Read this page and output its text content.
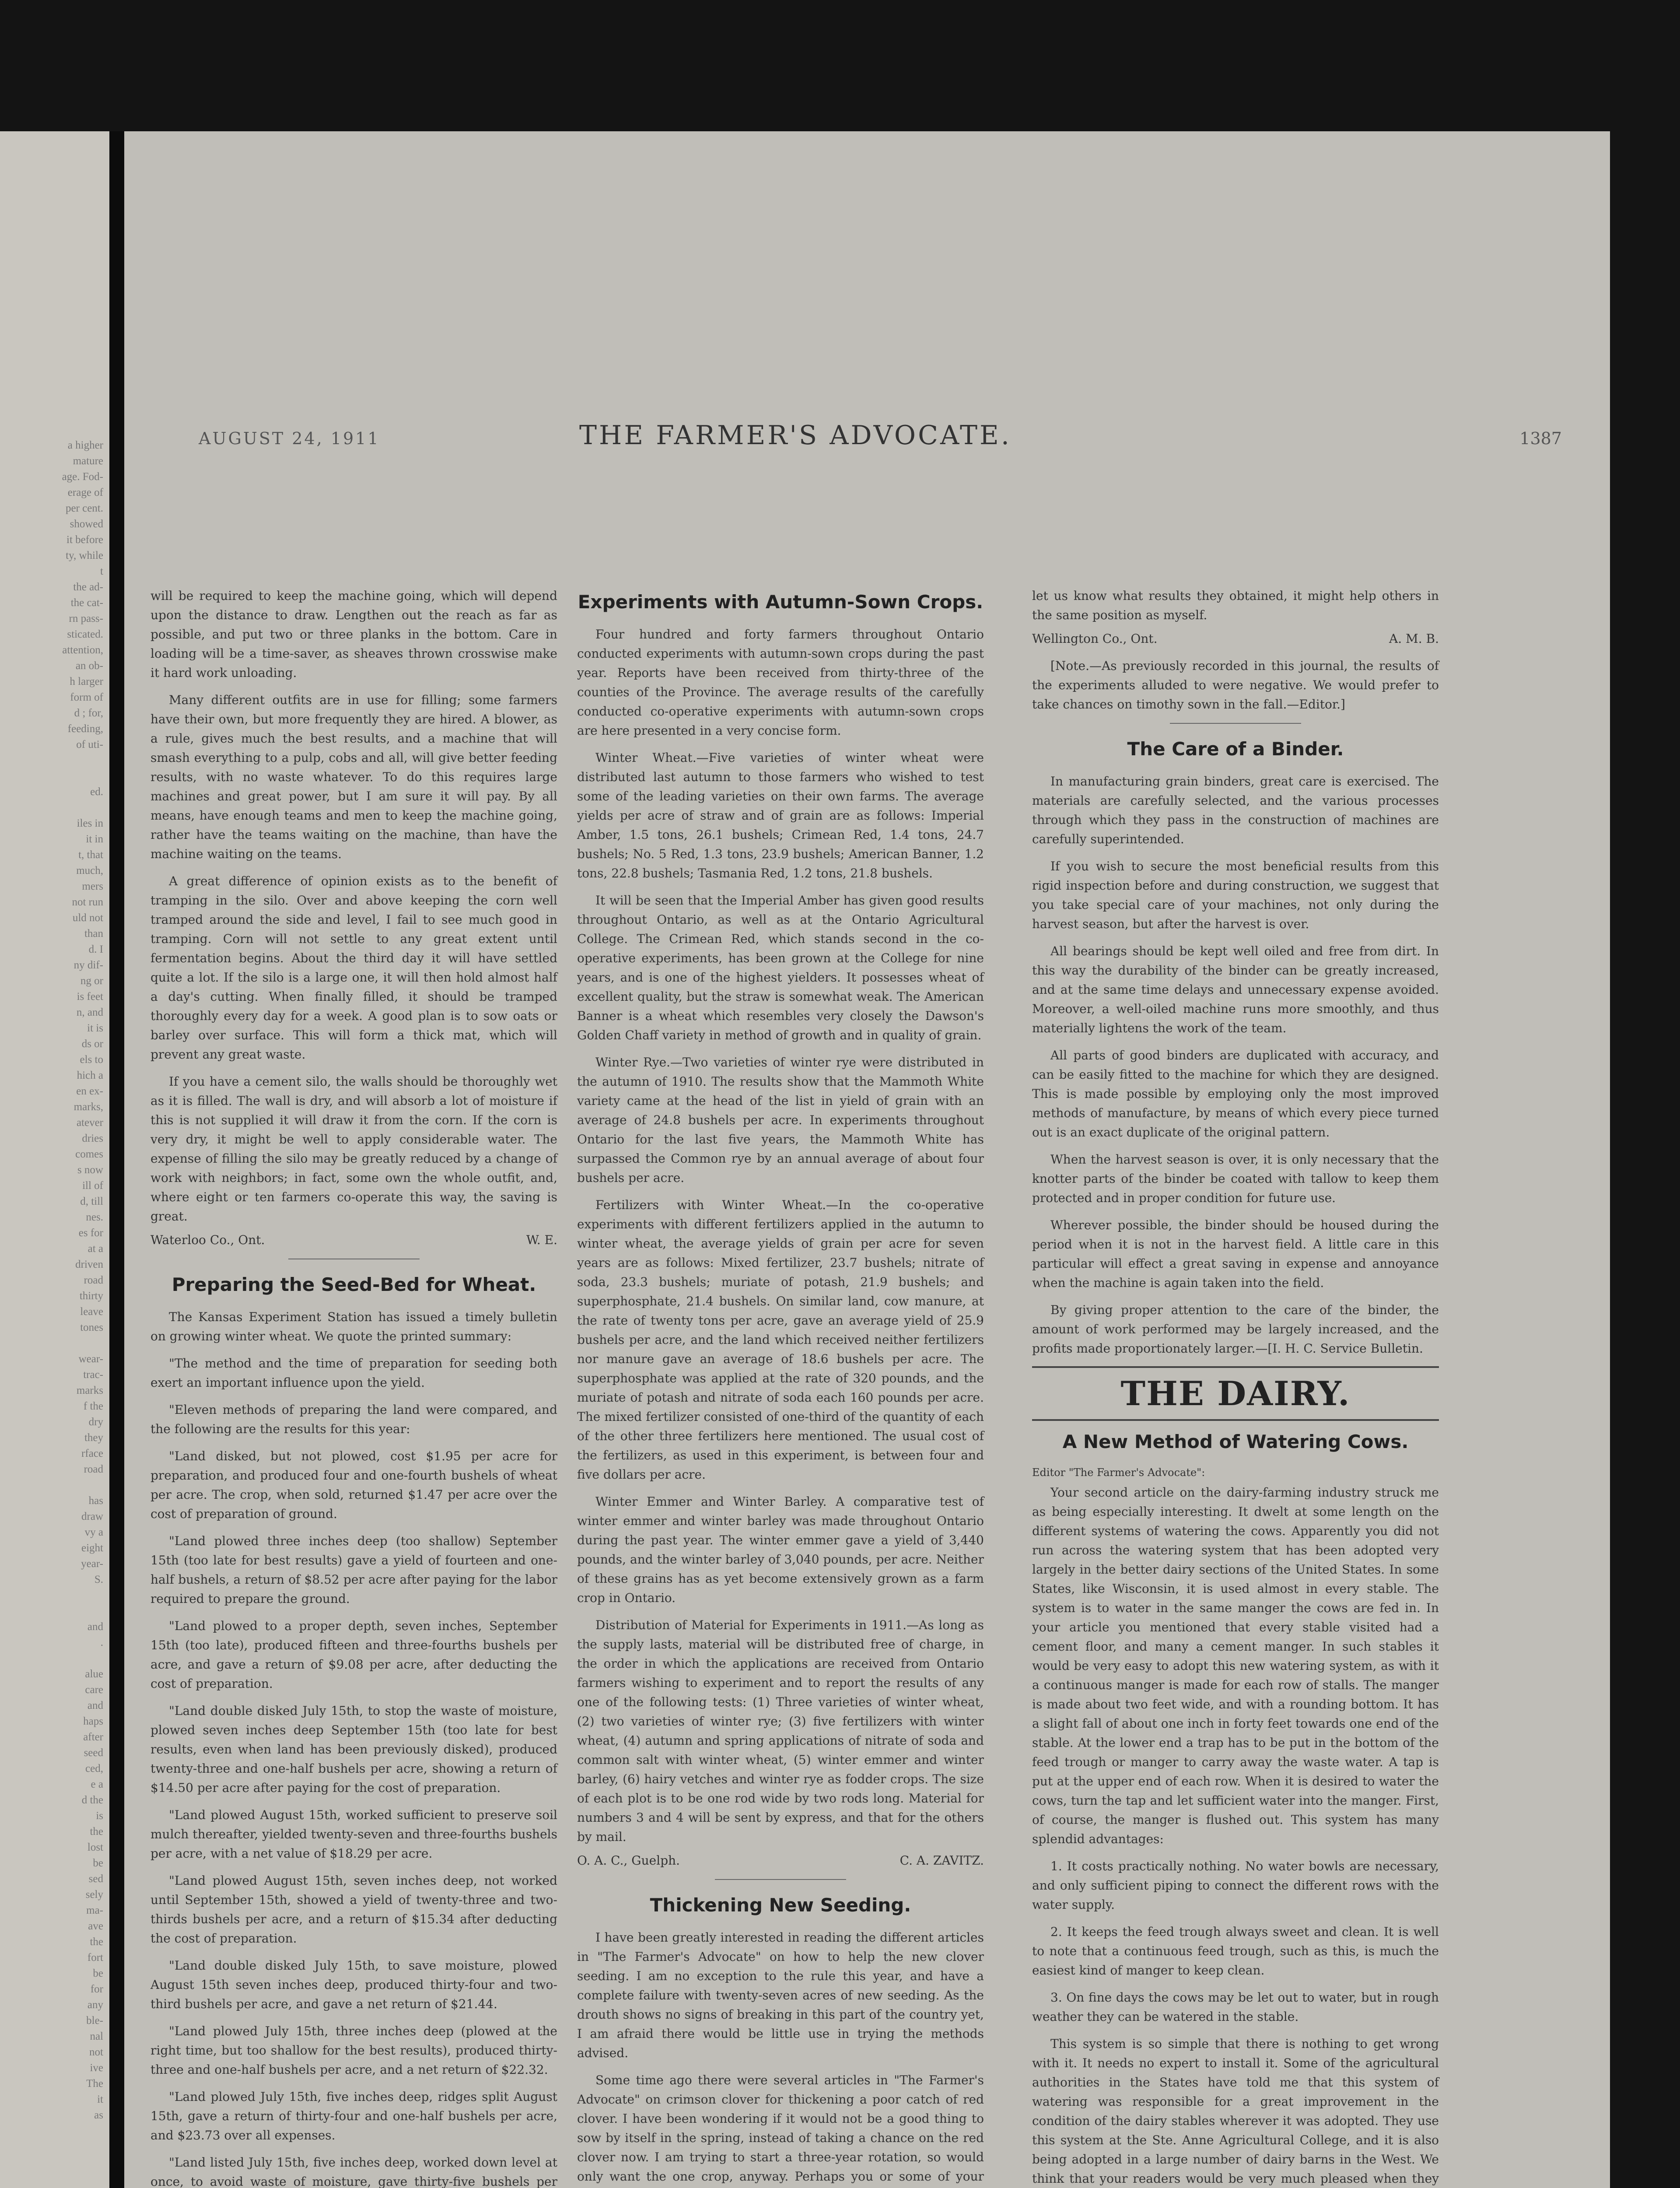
a higher
mature
age. Fod-
erage of
per cent.
showed
it before
ty, while
t
the ad-
the cat-
rn pass-
sticated.
attention,
an ob-
h larger
form of
d ; for,
feeding,
of uti-

ed.

iles in
it in
t, that
much,
mers
not run
uld not
than
d. I
ny dif-
ng or
is feet
n, and
it is
ds or
els to
hich a
en ex-
marks,
atever
dries
comes
s now
ill of
d, till
nes.
es for
at a
driven
road
thirty
leave
tones

wear-
trac-
marks
f the
dry
they
rface
road

has
draw
vy a
eight
year-
S.

and
.

alue
care
and
haps
after
seed
ced,
e a
d the
is
the
lost
be
sed
sely
ma-
ave
the
fort
be
for
any
ble-
nal
not
ive
The
it
as
AUGUST 24, 1911	THE FARMER'S ADVOCATE.	1387

will be required to keep the machine going, which will depend upon the distance to draw. Lengthen out the reach as far as possible, and put two or three planks in the bottom. Care in loading will be a time-saver, as sheaves thrown crosswise make it hard work unloading.

Many different outfits are in use for filling; some farmers have their own, but more frequently they are hired. A blower, as a rule, gives much the best results, and a machine that will smash everything to a pulp, cobs and all, will give better feeding results, with no waste whatever. To do this requires large machines and great power, but I am sure it will pay. By all means, have enough teams and men to keep the machine going, rather have the teams waiting on the machine, than have the machine waiting on the teams.

A great difference of opinion exists as to the benefit of tramping in the silo. Over and above keeping the corn well tramped around the side and level, I fail to see much good in tramping. Corn will not settle to any great extent until fermentation begins. About the third day it will have settled quite a lot. If the silo is a large one, it will then hold almost half a day's cutting. When finally filled, it should be tramped thoroughly every day for a week. A good plan is to sow oats or barley over surface. This will form a thick mat, which will prevent any great waste.

If you have a cement silo, the walls should be thoroughly wet as it is filled. The wall is dry, and will absorb a lot of moisture if this is not supplied it will draw it from the corn. If the corn is very dry, it might be well to apply considerable water. The expense of filling the silo may be greatly reduced by a change of work with neighbors; in fact, some own the whole outfit, and, where eight or ten farmers co-operate this way, the saving is great.

Waterloo Co., Ont.	W. E.
Preparing the Seed-Bed for Wheat.

The Kansas Experiment Station has issued a timely bulletin on growing winter wheat. We quote the printed summary:

"The method and the time of preparation for seeding both exert an important influence upon the yield.

"Eleven methods of preparing the land were compared, and the following are the results for this year:

"Land disked, but not plowed, cost $1.95 per acre for preparation, and produced four and one-fourth bushels of wheat per acre. The crop, when sold, returned $1.47 per acre over the cost of preparation of ground.

"Land plowed three inches deep (too shallow) September 15th (too late for best results) gave a yield of fourteen and one-half bushels, a return of $8.52 per acre after paying for the labor required to prepare the ground.

"Land plowed to a proper depth, seven inches, September 15th (too late), produced fifteen and three-fourths bushels per acre, and gave a return of $9.08 per acre, after deducting the cost of preparation.

"Land double disked July 15th, to stop the waste of moisture, plowed seven inches deep September 15th (too late for best results, even when land has been previously disked), produced twenty-three and one-half bushels per acre, showing a return of $14.50 per acre after paying for the cost of preparation.

"Land plowed August 15th, worked sufficient to preserve soil mulch thereafter, yielded twenty-seven and three-fourths bushels per acre, with a net value of $18.29 per acre.

"Land plowed August 15th, seven inches deep, not worked until September 15th, showed a yield of twenty-three and two-thirds bushels per acre, and a return of $15.34 after deducting the cost of preparation.

"Land double disked July 15th, to save moisture, plowed August 15th seven inches deep, produced thirty-four and two-third bushels per acre, and gave a net return of $21.44.

"Land plowed July 15th, three inches deep (plowed at the right time, but too shallow for the best results), produced thirty-three and one-half bushels per acre, and a net return of $22.32.

"Land plowed July 15th, five inches deep, ridges split August 15th, gave a return of thirty-four and one-half bushels per acre, and $23.73 over all expenses.

"Land listed July 15th, five inches deep, worked down level at once, to avoid waste of moisture, gave thirty-five bushels per

Experiments with Autumn-Sown Crops.

Four hundred and forty farmers throughout Ontario conducted experiments with autumn-sown crops during the past year. Reports have been received from thirty-three of the counties of the Province. The average results of the carefully conducted co-operative experiments with autumn-sown crops are here presented in a very concise form.

Winter Wheat.—Five varieties of winter wheat were distributed last autumn to those farmers who wished to test some of the leading varieties on their own farms. The average yields per acre of straw and of grain are as follows: Imperial Amber, 1.5 tons, 26.1 bushels; Crimean Red, 1.4 tons, 24.7 bushels; No. 5 Red, 1.3 tons, 23.9 bushels; American Banner, 1.2 tons, 22.8 bushels; Tasmania Red, 1.2 tons, 21.8 bushels.

It will be seen that the Imperial Amber has given good results throughout Ontario, as well as at the Ontario Agricultural College. The Crimean Red, which stands second in the co-operative experiments, has been grown at the College for nine years, and is one of the highest yielders. It possesses wheat of excellent quality, but the straw is somewhat weak. The American Banner is a wheat which resembles very closely the Dawson's Golden Chaff variety in method of growth and in quality of grain.

Winter Rye.—Two varieties of winter rye were distributed in the autumn of 1910. The results show that the Mammoth White variety came at the head of the list in yield of grain with an average of 24.8 bushels per acre. In experiments throughout Ontario for the last five years, the Mammoth White has surpassed the Common rye by an annual average of about four bushels per acre.

Fertilizers with Winter Wheat.—In the co-operative experiments with different fertilizers applied in the autumn to winter wheat, the average yields of grain per acre for seven years are as follows: Mixed fertilizer, 23.7 bushels; nitrate of soda, 23.3 bushels; muriate of potash, 21.9 bushels; and superphosphate, 21.4 bushels. On similar land, cow manure, at the rate of twenty tons per acre, gave an average yield of 25.9 bushels per acre, and the land which received neither fertilizers nor manure gave an average of 18.6 bushels per acre. The superphosphate was applied at the rate of 320 pounds, and the muriate of potash and nitrate of soda each 160 pounds per acre. The mixed fertilizer consisted of one-third of the quantity of each of the other three fertilizers here mentioned. The usual cost of the fertilizers, as used in this experiment, is between four and five dollars per acre.

Winter Emmer and Winter Barley. A comparative test of winter emmer and winter barley was made throughout Ontario during the past year. The winter emmer gave a yield of 3,440 pounds, and the winter barley of 3,040 pounds, per acre. Neither of these grains has as yet become extensively grown as a farm crop in Ontario.

Distribution of Material for Experiments in 1911.—As long as the supply lasts, material will be distributed free of charge, in the order in which the applications are received from Ontario farmers wishing to experiment and to report the results of any one of the following tests: (1) Three varieties of winter wheat, (2) two varieties of winter rye; (3) five fertilizers with winter wheat, (4) autumn and spring applications of nitrate of soda and common salt with winter wheat, (5) winter emmer and winter barley, (6) hairy vetches and winter rye as fodder crops. The size of each plot is to be one rod wide by two rods long. Material for numbers 3 and 4 will be sent by express, and that for the others by mail.

O. A. C., Guelph.	C. A. ZAVITZ.
Thickening New Seeding.

I have been greatly interested in reading the different articles in "The Farmer's Advocate" on how to help the new clover seeding. I am no exception to the rule this year, and have a complete failure with twenty-seven acres of new seeding. As the drouth shows no signs of breaking in this part of the country yet, I am afraid there would be little use in trying the methods advised.

Some time ago there were several articles in "The Farmer's Advocate" on crimson clover for thickening a poor catch of red clover. I have been wondering if it would not be a good thing to sow by itself in the spring, instead of taking a chance on the red clover now. I am trying to start a three-year rotation, so would only want the one crop, anyway. Perhaps you or some of your

let us know what results they obtained, it might help others in the same position as myself.

Wellington Co., Ont.	A. M. B.

[Note.—As previously recorded in this journal, the results of the experiments alluded to were negative. We would prefer to take chances on timothy sown in the fall.—Editor.]

The Care of a Binder.

In manufacturing grain binders, great care is exercised. The materials are carefully selected, and the various processes through which they pass in the construction of machines are carefully superintended.

If you wish to secure the most beneficial results from this rigid inspection before and during construction, we suggest that you take special care of your machines, not only during the harvest season, but after the harvest is over.

All bearings should be kept well oiled and free from dirt. In this way the durability of the binder can be greatly increased, and at the same time delays and unnecessary expense avoided. Moreover, a well-oiled machine runs more smoothly, and thus materially lightens the work of the team.

All parts of good binders are duplicated with accuracy, and can be easily fitted to the machine for which they are designed. This is made possible by employing only the most improved methods of manufacture, by means of which every piece turned out is an exact duplicate of the original pattern.

When the harvest season is over, it is only necessary that the knotter parts of the binder be coated with tallow to keep them protected and in proper condition for future use.

Wherever possible, the binder should be housed during the period when it is not in the harvest field. A little care in this particular will effect a great saving in expense and annoyance when the machine is again taken into the field.

By giving proper attention to the care of the binder, the amount of work performed may be largely increased, and the profits made proportionately larger.—[I. H. C. Service Bulletin.

THE DAIRY.
A New Method of Watering Cows.
Editor "The Farmer's Advocate":

Your second article on the dairy-farming industry struck me as being especially interesting. It dwelt at some length on the different systems of watering the cows. Apparently you did not run across the watering system that has been adopted very largely in the better dairy sections of the United States. In some States, like Wisconsin, it is used almost in every stable. The system is to water in the same manger the cows are fed in. In your article you mentioned that every stable visited had a cement floor, and many a cement manger. In such stables it would be very easy to adopt this new watering system, as with it a continuous manger is made for each row of stalls. The manger is made about two feet wide, and with a rounding bottom. It has a slight fall of about one inch in forty feet towards one end of the stable. At the lower end a trap has to be put in the bottom of the feed trough or manger to carry away the waste water. A tap is put at the upper end of each row. When it is desired to water the cows, turn the tap and let sufficient water into the manger. First, of course, the manger is flushed out. This system has many splendid advantages:

1. It costs practically nothing. No water bowls are necessary, and only sufficient piping to connect the different rows with the water supply.

2. It keeps the feed trough always sweet and clean. It is well to note that a continuous feed trough, such as this, is much the easiest kind of manger to keep clean.

3. On fine days the cows may be let out to water, but in rough weather they can be watered in the stable.

This system is so simple that there is nothing to get wrong with it. It needs no expert to install it. Some of the agricultural authorities in the States have told me that this system of watering was responsible for a great improvement in the condition of the dairy stables wherever it was adopted. They use this system at the Ste. Anne Agricultural College, and it is also being adopted in a large number of dairy barns in the West. We think that your readers would be very much pleased when they
